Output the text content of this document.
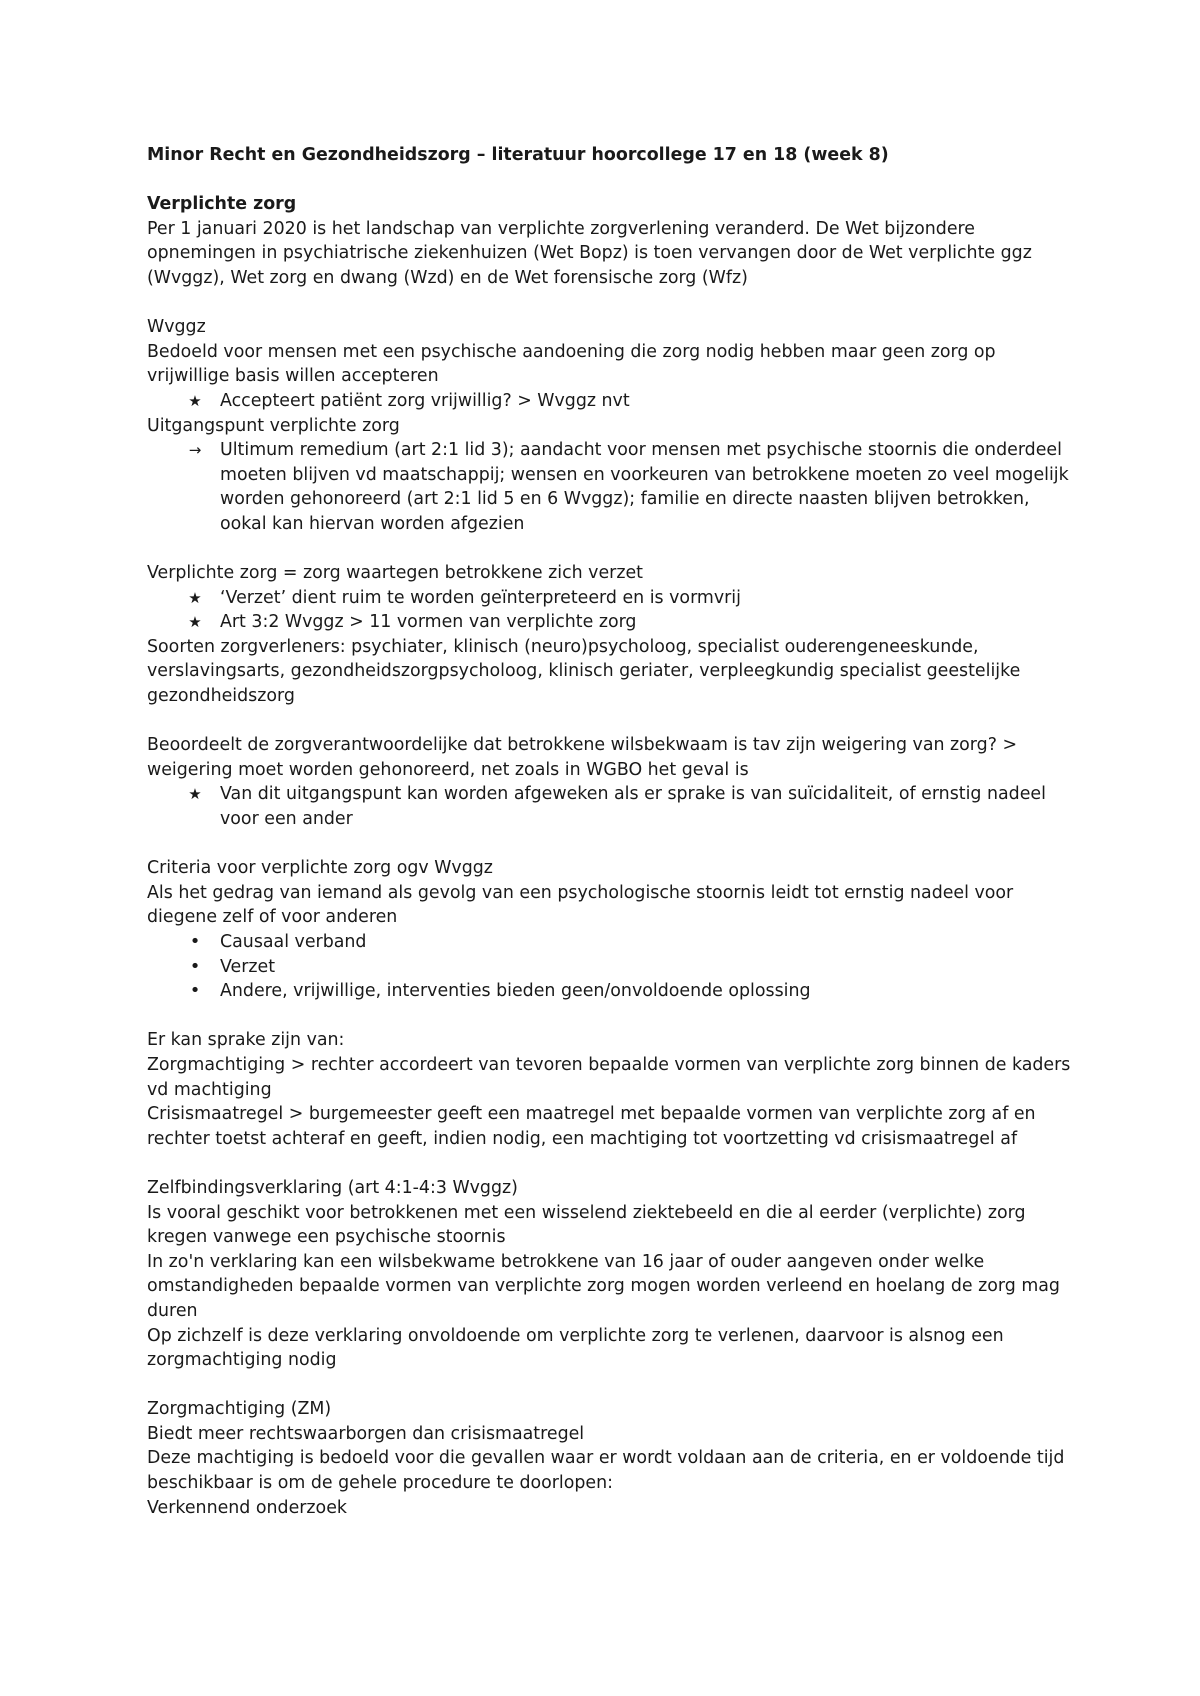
Minor Recht en Gezondheidszorg – literatuur hoorcollege 17 en 18 (week 8)

Verplichte zorg

Per 1 januari 2020 is het landschap van verplichte zorgverlening veranderd. De Wet bijzondere opnemingen in psychiatrische ziekenhuizen (Wet Bopz) is toen vervangen door de Wet verplichte ggz (Wvggz), Wet zorg en dwang (Wzd) en de Wet forensische zorg (Wfz)

Wvggz

Bedoeld voor mensen met een psychische aandoening die zorg nodig hebben maar geen zorg op vrijwillige basis willen accepteren

★ Accepteert patiënt zorg vrijwillig? > Wvggz nvt

Uitgangspunt verplichte zorg

→ Ultimum remedium (art 2:1 lid 3); aandacht voor mensen met psychische stoornis die onderdeel moeten blijven vd maatschappij; wensen en voorkeuren van betrokkene moeten zo veel mogelijk worden gehonoreerd (art 2:1 lid 5 en 6 Wvggz); familie en directe naasten blijven betrokken, ookal kan hiervan worden afgezien

Verplichte zorg = zorg waartegen betrokkene zich verzet

★ ‘Verzet’ dient ruim te worden geïnterpreteerd en is vormvrij
★ Art 3:2 Wvggz > 11 vormen van verplichte zorg

Soorten zorgverleners: psychiater, klinisch (neuro)psycholoog, specialist ouderengeneeskunde, verslavingsarts, gezondheidszorgpsycholoog, klinisch geriater, verpleegkundig specialist geestelijke gezondheidszorg

Beoordeelt de zorgverantwoordelijke dat betrokkene wilsbekwaam is tav zijn weigering van zorg? > weigering moet worden gehonoreerd, net zoals in WGBO het geval is

★ Van dit uitgangspunt kan worden afgeweken als er sprake is van suïcidaliteit, of ernstig nadeel voor een ander

Criteria voor verplichte zorg ogv Wvggz

Als het gedrag van iemand als gevolg van een psychologische stoornis leidt tot ernstig nadeel voor diegene zelf of voor anderen

• Causaal verband
• Verzet
• Andere, vrijwillige, interventies bieden geen/onvoldoende oplossing

Er kan sprake zijn van:

Zorgmachtiging > rechter accordeert van tevoren bepaalde vormen van verplichte zorg binnen de kaders vd machtiging

Crisismaatregel > burgemeester geeft een maatregel met bepaalde vormen van verplichte zorg af en rechter toetst achteraf en geeft, indien nodig, een machtiging tot voortzetting vd crisismaatregel af

Zelfbindingsverklaring (art 4:1-4:3 Wvggz)

Is vooral geschikt voor betrokkenen met een wisselend ziektebeeld en die al eerder (verplichte) zorg kregen vanwege een psychische stoornis

In zo'n verklaring kan een wilsbekwame betrokkene van 16 jaar of ouder aangeven onder welke omstandigheden bepaalde vormen van verplichte zorg mogen worden verleend en hoelang de zorg mag duren

Op zichzelf is deze verklaring onvoldoende om verplichte zorg te verlenen, daarvoor is alsnog een zorgmachtiging nodig

Zorgmachtiging (ZM)

Biedt meer rechtswaarborgen dan crisismaatregel

Deze machtiging is bedoeld voor die gevallen waar er wordt voldaan aan de criteria, en er voldoende tijd beschikbaar is om de gehele procedure te doorlopen:

Verkennend onderzoek
